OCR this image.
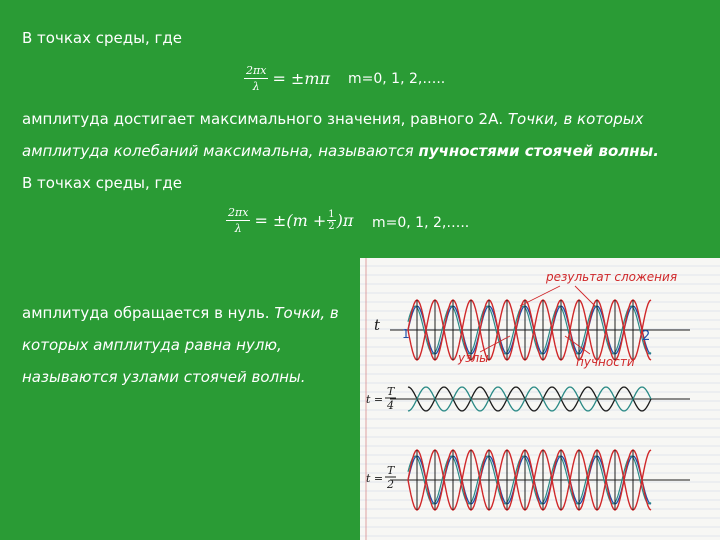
В точках среды, где
$\frac{2\pi x}{\lambda} = \pm m\pi$ m=0, 1, 2,…..
амплитуда достигает максимального значения, равного 2А. Точки, в которых
амплитуда колебаний максимальна, называются пучностями стоячей волны.
В точках среды, где
$\frac{2\pi x}{\lambda} = \pm(m + \frac{1}{2} )\pi$ m=0, 1, 2,…..
амплитуда обращается в нуль. Точки, в
которых амплитуда равна нулю,
называются узлами стоячей волны.
результат сложения
узлы	пучности
1	2
t
t =
T
4
t =
T
2
